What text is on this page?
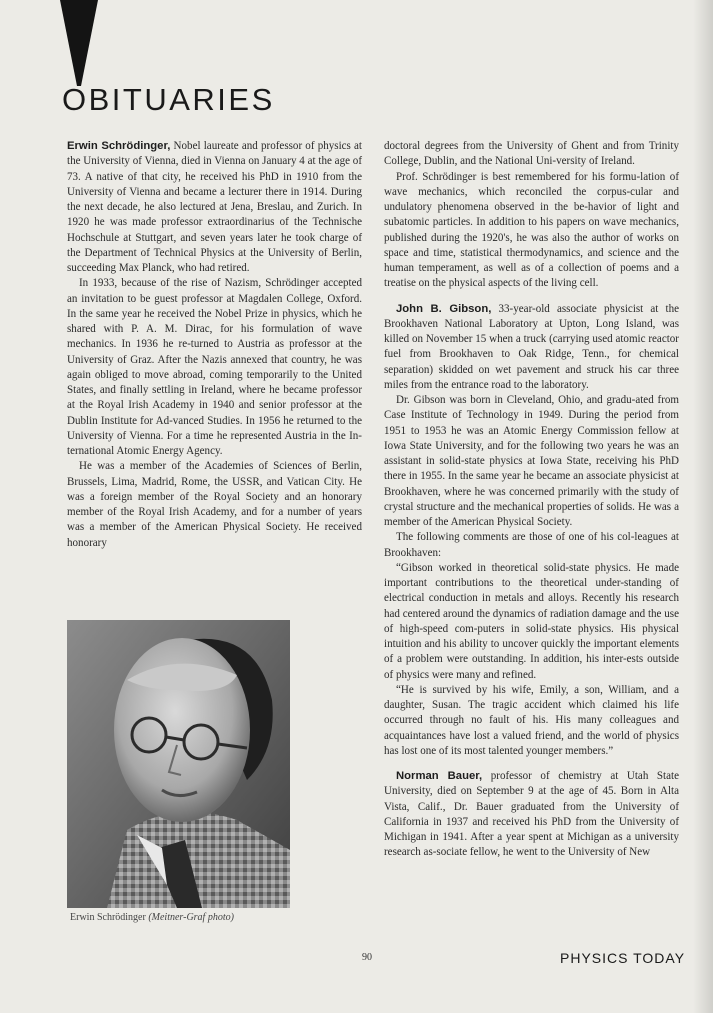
OBITUARIES

Erwin Schrödinger, Nobel laureate and professor of physics at the University of Vienna, died in Vienna on January 4 at the age of 73. A native of that city, he received his PhD in 1910 from the University of Vienna and became a lecturer there in 1914. During the next decade, he also lectured at Jena, Breslau, and Zurich. In 1920 he was made professor extraordinarius of the Technische Hochschule at Stuttgart, and seven years later he took charge of the Department of Technical Physics at the University of Berlin, succeeding Max Planck, who had retired.

In 1933, because of the rise of Nazism, Schrödinger accepted an invitation to be guest professor at Magdalen College, Oxford. In the same year he received the Nobel Prize in physics, which he shared with P. A. M. Dirac, for his formulation of wave mechanics. In 1936 he re-turned to Austria as professor at the University of Graz. After the Nazis annexed that country, he was again obliged to move abroad, coming temporarily to the United States, and finally settling in Ireland, where he became professor at the Royal Irish Academy in 1940 and senior professor at the Dublin Institute for Ad-vanced Studies. In 1956 he returned to the University of Vienna. For a time he represented Austria in the In-ternational Atomic Energy Agency.

He was a member of the Academies of Sciences of Berlin, Brussels, Lima, Madrid, Rome, the USSR, and Vatican City. He was a foreign member of the Royal Society and an honorary member of the Royal Irish Academy, and for a number of years was a member of the American Physical Society. He received honorary

Erwin Schrödinger (Meitner-Graf photo)

doctoral degrees from the University of Ghent and from Trinity College, Dublin, and the National Uni-versity of Ireland.

Prof. Schrödinger is best remembered for his formu-lation of wave mechanics, which reconciled the corpus-cular and undulatory phenomena observed in the be-havior of light and subatomic particles. In addition to his papers on wave mechanics, published during the 1920's, he was also the author of works on space and time, statistical thermodynamics, and science and the human temperament, as well as of a collection of poems and a treatise on the physical aspects of the living cell.

John B. Gibson, 33-year-old associate physicist at the Brookhaven National Laboratory at Upton, Long Island, was killed on November 15 when a truck (carrying used atomic reactor fuel from Brookhaven to Oak Ridge, Tenn., for chemical separation) skidded on wet pavement and struck his car three miles from the entrance road to the laboratory.

Dr. Gibson was born in Cleveland, Ohio, and gradu-ated from Case Institute of Technology in 1949. During the period from 1951 to 1953 he was an Atomic Energy Commission fellow at Iowa State University, and for the following two years he was an assistant in solid-state physics at Iowa State, receiving his PhD there in 1955. In the same year he became an associate physicist at Brookhaven, where he was concerned primarily with the study of crystal structure and the mechanical properties of solids. He was a member of the American Physical Society.

The following comments are those of one of his col-leagues at Brookhaven:

“Gibson worked in theoretical solid-state physics. He made important contributions to the theoretical under-standing of electrical conduction in metals and alloys. Recently his research had centered around the dynamics of radiation damage and the use of high-speed com-puters in solid-state physics. His physical intuition and his ability to uncover quickly the important elements of a problem were outstanding. In addition, his inter-ests outside of physics were many and refined.

“He is survived by his wife, Emily, a son, William, and a daughter, Susan. The tragic accident which claimed his life occurred through no fault of his. His many colleagues and acquaintances have lost a valued friend, and the world of physics has lost one of its most talented younger members.”

Norman Bauer, professor of chemistry at Utah State University, died on September 9 at the age of 45. Born in Alta Vista, Calif., Dr. Bauer graduated from the University of California in 1937 and received his PhD from the University of Michigan in 1941. After a year spent at Michigan as a university research as-sociate fellow, he went to the University of New

90	PHYSICS TODAY
